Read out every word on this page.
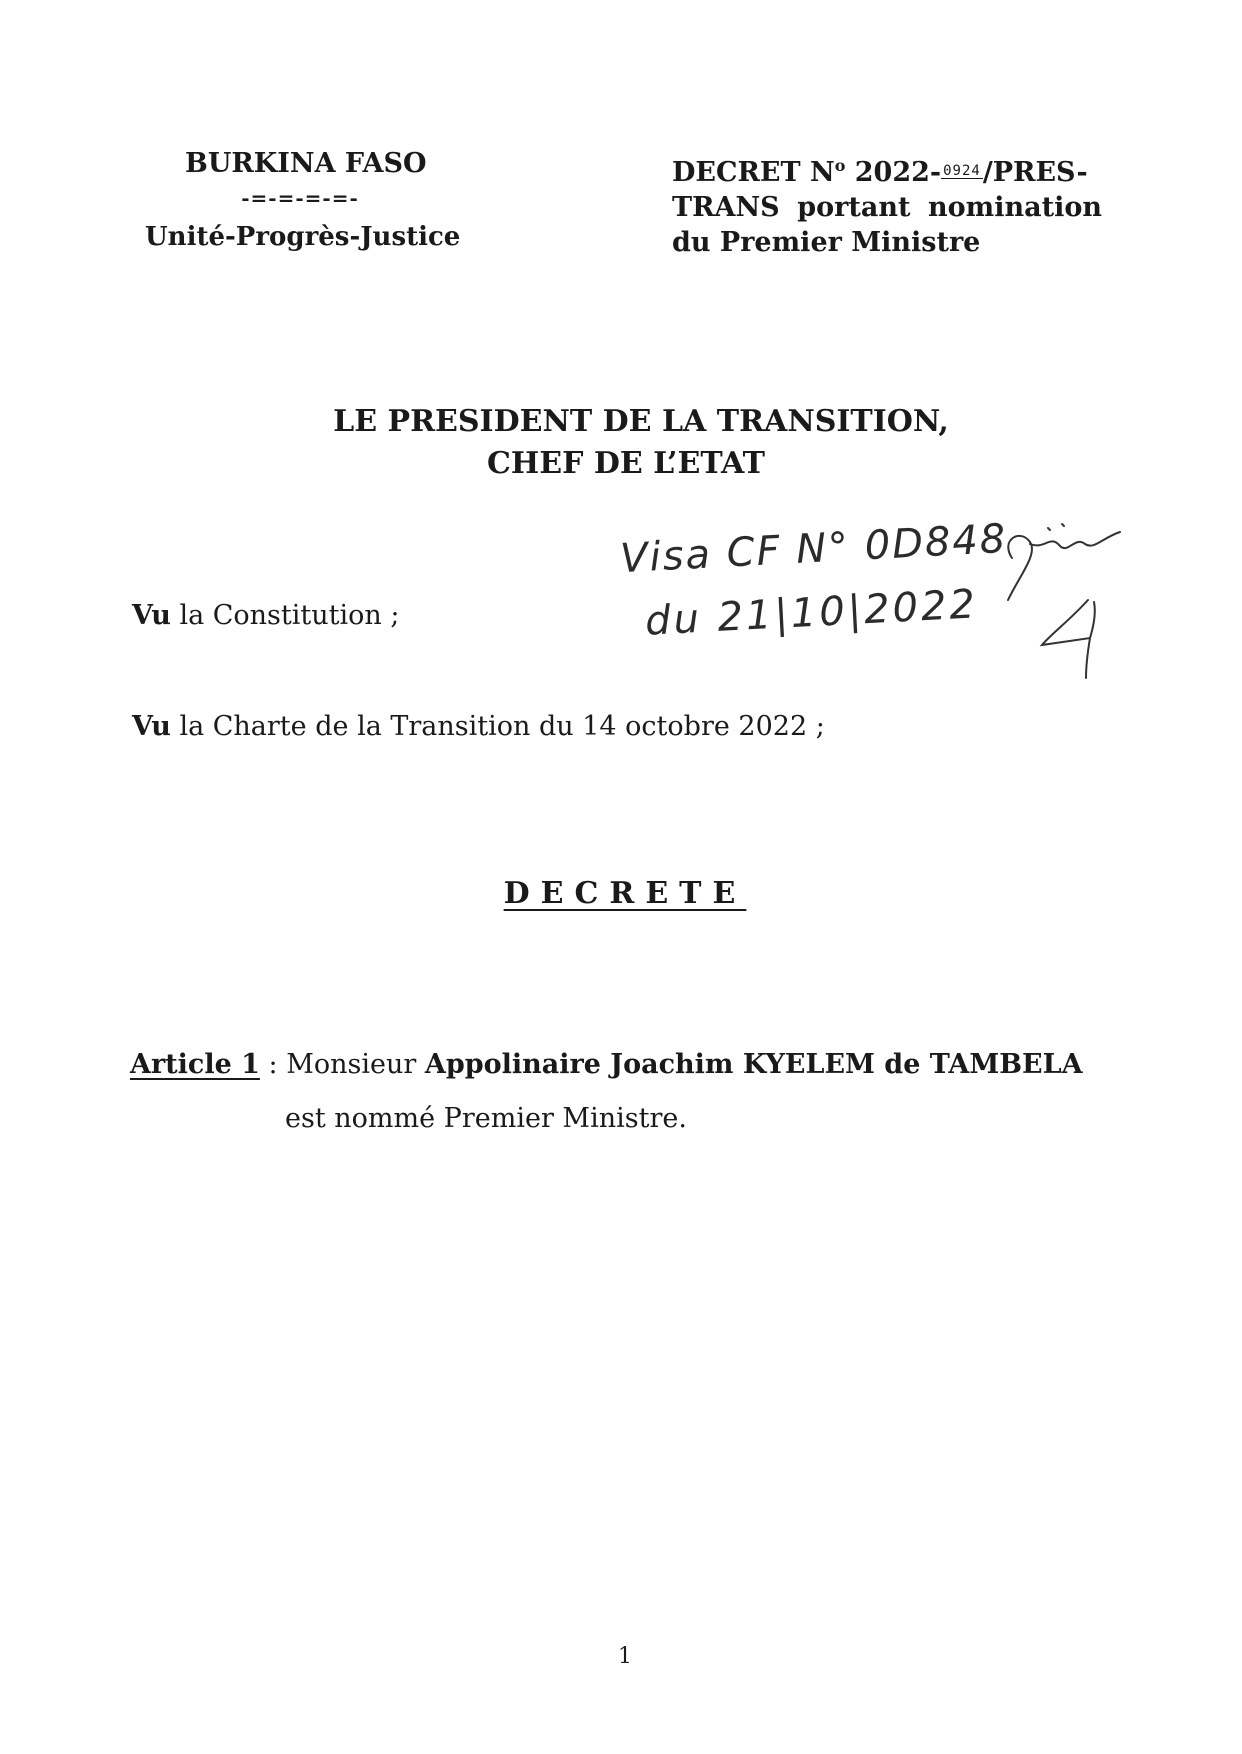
BURKINA FASO
-=-=-=-=-
Unité-Progrès-Justice
DECRET $N^o$ 2022- 0924/PRES-
TRANS portant nomination
du Premier Ministre
LE PRESIDENT DE LA TRANSITION,
CHEF DE L’ETAT
Visa CF N° 0D848
du 21|10|2022
Vu la Constitution ;
Vu la Charte de la Transition du 14 octobre 2022 ;
DECRETE
Article 1 : Monsieur Appolinaire Joachim KYELEM de TAMBELA
est nommé Premier Ministre.
1
